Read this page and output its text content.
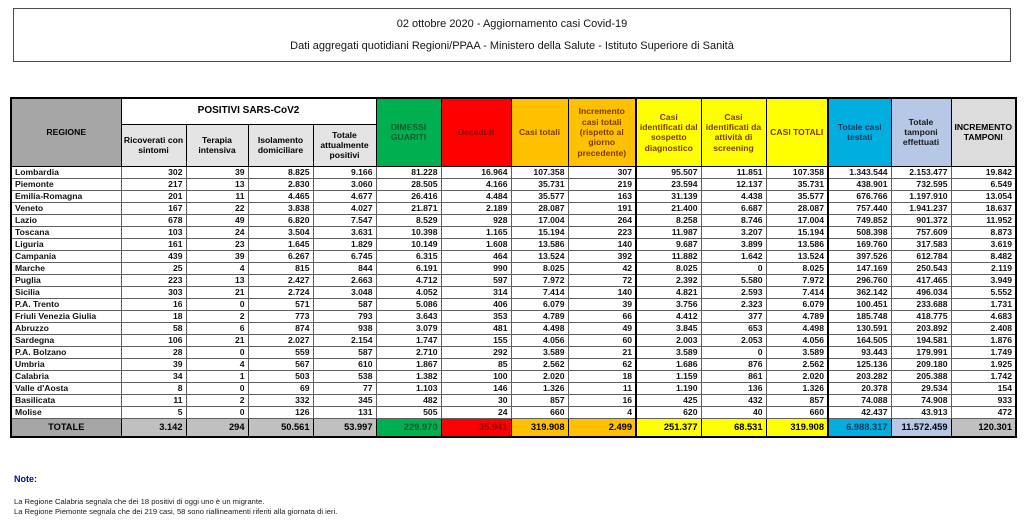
02 ottobre 2020 - Aggiornamento casi Covid-19
Dati aggregati quotidiani Regioni/PPAA - Ministero della Salute - Istituto Superiore di Sanità
REGIONE	POSITIVI SARS-CoV2				DIMESSI GUARITI	Deceduti	Casi totali	Incremento casi totali (rispetto al giorno precedente)	Casi identificati dal sospetto diagnostico	Casi identificati da attività di screening	CASI TOTALI	Totale casi testati	Totale tamponi effettuati	INCREMENTO TAMPONI
	Ricoverati con sintomi	Terapia intensiva	Isolamento domiciliare	Totale attualmente positivi										
Lombardia	302	39	8.825	9.166	81.228	16.964	107.358	307	95.507	11.851	107.358	1.343.544	2.153.477	19.842
Piemonte	217	13	2.830	3.060	28.505	4.166	35.731	219	23.594	12.137	35.731	438.901	732.595	6.549
Emilia-Romagna	201	11	4.465	4.677	26.416	4.484	35.577	163	31.139	4.438	35.577	676.766	1.197.910	13.054
Veneto	167	22	3.838	4.027	21.871	2.189	28.087	191	21.400	6.687	28.087	757.440	1.941.237	18.637
Lazio	678	49	6.820	7.547	8.529	928	17.004	264	8.258	8.746	17.004	749.852	901.372	11.952
Toscana	103	24	3.504	3.631	10.398	1.165	15.194	223	11.987	3.207	15.194	508.398	757.609	8.873
Liguria	161	23	1.645	1.829	10.149	1.608	13.586	140	9.687	3.899	13.586	169.760	317.583	3.619
Campania	439	39	6.267	6.745	6.315	464	13.524	392	11.882	1.642	13.524	397.526	612.784	8.482
Marche	25	4	815	844	6.191	990	8.025	42	8.025	0	8.025	147.169	250.543	2.119
Puglia	223	13	2.427	2.663	4.712	597	7.972	72	2.392	5.580	7.972	296.760	417.465	3.949
Sicilia	303	21	2.724	3.048	4.052	314	7.414	140	4.821	2.593	7.414	362.142	496.034	5.552
P.A. Trento	16	0	571	587	5.086	406	6.079	39	3.756	2.323	6.079	100.451	233.688	1.731
Friuli Venezia Giulia	18	2	773	793	3.643	353	4.789	66	4.412	377	4.789	185.748	418.775	4.683
Abruzzo	58	6	874	938	3.079	481	4.498	49	3.845	653	4.498	130.591	203.892	2.408
Sardegna	106	21	2.027	2.154	1.747	155	4.056	60	2.003	2.053	4.056	164.505	194.581	1.876
P.A. Bolzano	28	0	559	587	2.710	292	3.589	21	3.589	0	3.589	93.443	179.991	1.749
Umbria	39	4	567	610	1.867	85	2.562	62	1.686	876	2.562	125.136	209.180	1.925
Calabria	34	1	503	538	1.382	100	2.020	18	1.159	861	2.020	203.282	205.388	1.742
Valle d'Aosta	8	0	69	77	1.103	146	1.326	11	1.190	136	1.326	20.378	29.534	154
Basilicata	11	2	332	345	482	30	857	16	425	432	857	74.088	74.908	933
Molise	5	0	126	131	505	24	660	4	620	40	660	42.437	43.913	472
TOTALE	3.142	294	50.561	53.997	229.970	35.941	319.908	2.499	251.377	68.531	319.908	6.988.317	11.572.459	120.301
Note:
La Regione Calabria segnala che dei 18 positivi di oggi uno è un migrante.
La Regione Piemonte segnala che dei 219 casi, 58 sono riallineamenti riferiti alla giornata di ieri.
